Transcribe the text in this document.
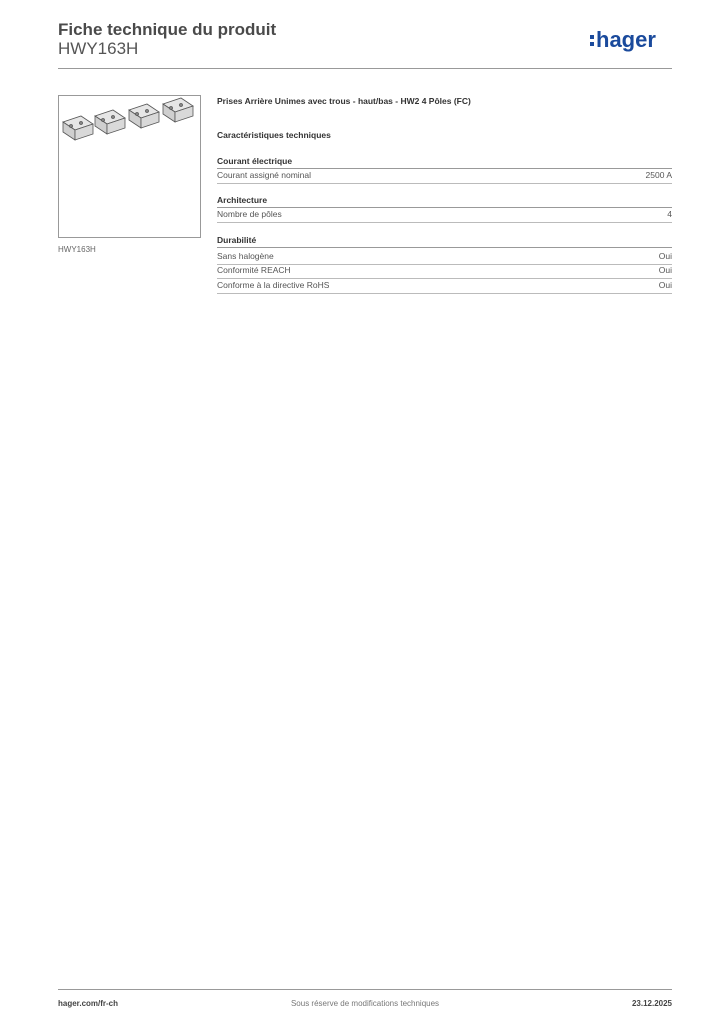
Fiche technique du produit
HWY163H	hager
HWY163H
Prises Arrière Unimes avec trous - haut/bas - HW2 4 Pôles (FC)
Caractéristiques techniques
Courant électrique
Courant assigné nominal	2500 A
Architecture
Nombre de pôles	4
Durabilité
Sans halogène	Oui
Conformité REACH	Oui
Conforme à la directive RoHS	Oui
hager.com/fr-ch	Sous réserve de modifications techniques	23.12.2025
